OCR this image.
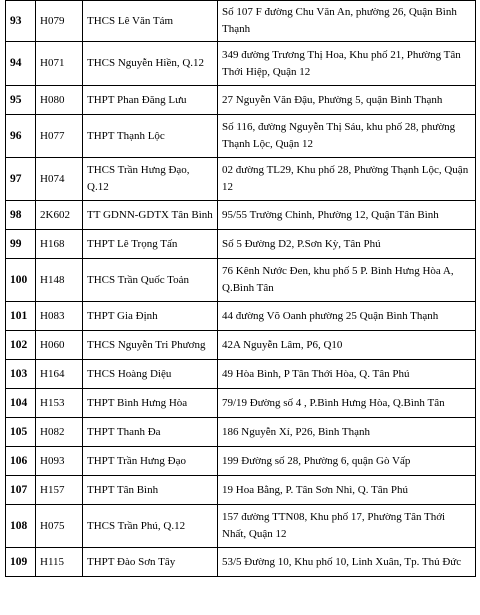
93	H079	THCS Lê Văn Tám	Số 107 F đường Chu Văn An, phường 26, Quận Bình Thạnh
94	H071	THCS Nguyễn Hiền, Q.12	349 đường Trương Thị Hoa, Khu phố 21, Phường Tân Thới Hiệp, Quận 12
95	H080	THPT Phan Đăng Lưu	27 Nguyễn Văn Đậu, Phường 5, quận Bình Thạnh
96	H077	THPT Thạnh Lộc	Số 116, đường Nguyễn Thị Sáu, khu phố 28, phường Thạnh Lộc, Quận 12
97	H074	THCS Trần Hưng Đạo, Q.12	02 đường TL29, Khu phố 28, Phường Thạnh Lộc, Quận 12
98	2K602	TT GDNN-GDTX Tân Bình	95/55 Trường Chinh, Phường 12, Quận Tân Bình
99	H168	THPT Lê Trọng Tấn	Số 5 Đường D2, P.Sơn Kỳ, Tân Phú
100	H148	THCS Trần Quốc Toản	76 Kênh Nước Đen, khu phố 5 P. Bình Hưng Hòa A, Q.Bình Tân
101	H083	THPT Gia Định	44 đường Võ Oanh phường 25 Quận Bình Thạnh
102	H060	THCS Nguyễn Tri Phương	42A Nguyễn Lâm, P6, Q10
103	H164	THCS Hoàng Diệu	49 Hòa Bình, P Tân Thới Hòa, Q. Tân Phú
104	H153	THPT Bình Hưng Hòa	79/19 Đường số 4 , P.Bình Hưng Hòa, Q.Bình Tân
105	H082	THPT Thanh Đa	186 Nguyễn Xí, P26, Bình Thạnh
106	H093	THPT Trần Hưng Đạo	199 Đường số 28, Phường 6, quận Gò Vấp
107	H157	THPT Tân Bình	19 Hoa Bằng, P. Tân Sơn Nhì, Q. Tân Phú
108	H075	THCS Trần Phú, Q.12	157 đường TTN08, Khu phố 17, Phường Tân Thới Nhất, Quận 12
109	H115	THPT Đào Sơn Tây	53/5 Đường 10, Khu phố 10, Linh Xuân, Tp. Thủ Đức
